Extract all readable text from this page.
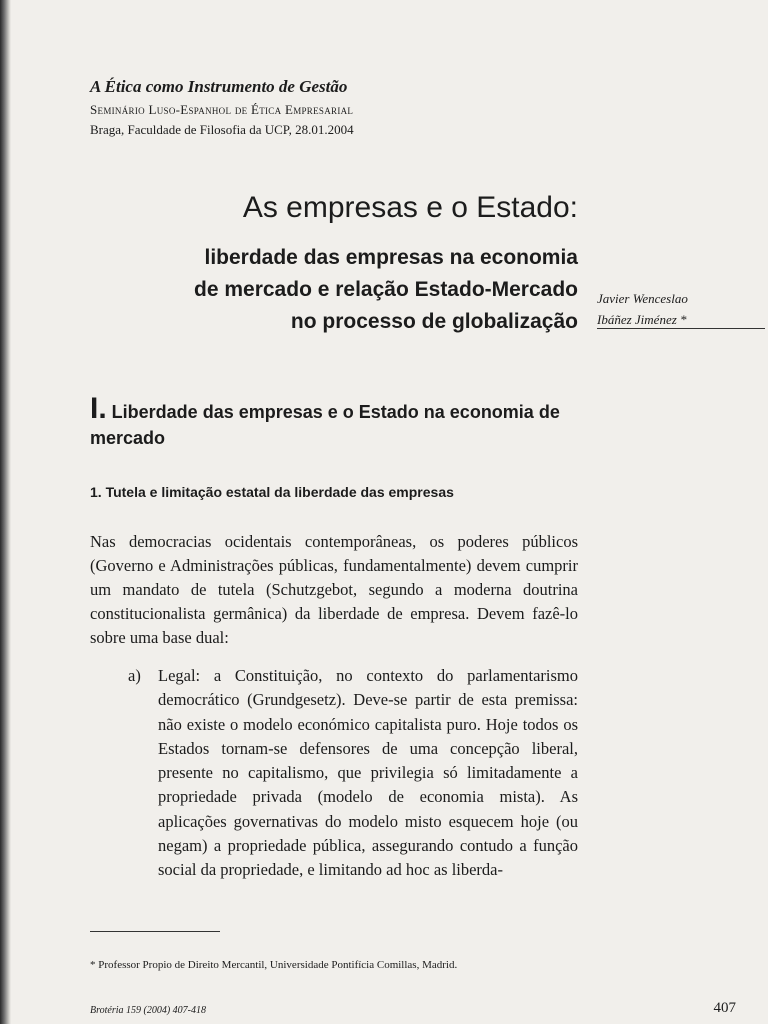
A Ética como Instrumento de Gestão

Seminário Luso-Espanhol de Ética Empresarial

Braga, Faculdade de Filosofia da UCP, 28.01.2004

As empresas e o Estado:
liberdade das empresas na economia
de mercado e relação Estado-Mercado
no processo de globalização
Javier Wenceslao
Ibáñez Jiménez *
I. Liberdade das empresas e o Estado na economia de mercado
1. Tutela e limitação estatal da liberdade das empresas

Nas democracias ocidentais contemporâneas, os poderes públicos (Governo e Administrações públicas, fundamentalmente) devem cumprir um mandato de tutela (Schutzgebot, segundo a moderna doutrina constitucionalista germânica) da liberdade de empresa. Devem fazê-lo sobre uma base dual:

a) Legal: a Constituição, no contexto do parlamentarismo democrático (Grundgesetz). Deve-se partir de esta premissa: não existe o modelo económico capitalista puro. Hoje todos os Estados tornam-se defensores de uma concepção liberal, presente no capitalismo, que privilegia só limitadamente a propriedade privada (modelo de economia mista). As aplicações governativas do modelo misto esquecem hoje (ou negam) a propriedade pública, assegurando contudo a função social da propriedade, e limitando ad hoc as liberda-

* Professor Propio de Direito Mercantil, Universidade Pontifícia Comillas, Madrid.

Brotéria 159 (2004) 407-418	407
